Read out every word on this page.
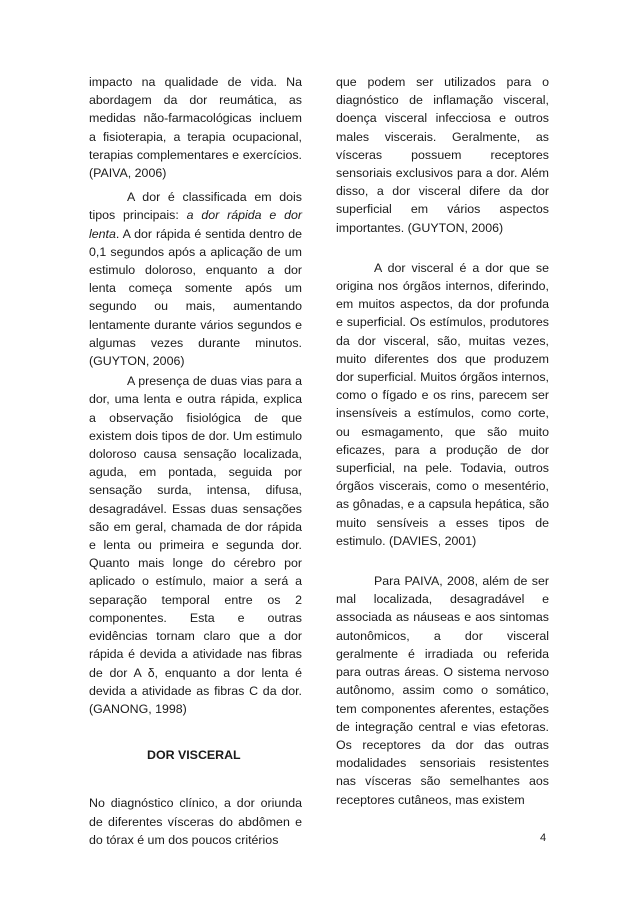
impacto na qualidade de vida. Na abordagem da dor reumática, as medidas não-farmacológicas incluem a fisioterapia, a terapia ocupacional, terapias complementares e exercícios. (PAIVA, 2006)

A dor é classificada em dois tipos principais: a dor rápida e dor lenta. A dor rápida é sentida dentro de 0,1 segundos após a aplicação de um estimulo doloroso, enquanto a dor lenta começa somente após um segundo ou mais, aumentando lentamente durante vários segundos e algumas vezes durante minutos. (GUYTON, 2006)

A presença de duas vias para a dor, uma lenta e outra rápida, explica a observação fisiológica de que existem dois tipos de dor. Um estimulo doloroso causa sensação localizada, aguda, em pontada, seguida por sensação surda, intensa, difusa, desagradável. Essas duas sensações são em geral, chamada de dor rápida e lenta ou primeira e segunda dor. Quanto mais longe do cérebro por aplicado o estímulo, maior a será a separação temporal entre os 2 componentes. Esta e outras evidências tornam claro que a dor rápida é devida a atividade nas fibras de dor A δ, enquanto a dor lenta é devida a atividade as fibras C da dor. (GANONG, 1998)

DOR VISCERAL

No diagnóstico clínico, a dor oriunda de diferentes vísceras do abdômen e do tórax é um dos poucos critérios

que podem ser utilizados para o diagnóstico de inflamação visceral, doença visceral infecciosa e outros males viscerais. Geralmente, as vísceras possuem receptores sensoriais exclusivos para a dor. Além disso, a dor visceral difere da dor superficial em vários aspectos importantes. (GUYTON, 2006)

A dor visceral é a dor que se origina nos órgãos internos, diferindo, em muitos aspectos, da dor profunda e superficial. Os estímulos, produtores da dor visceral, são, muitas vezes, muito diferentes dos que produzem dor superficial. Muitos órgãos internos, como o fígado e os rins, parecem ser insensíveis a estímulos, como corte, ou esmagamento, que são muito eficazes, para a produção de dor superficial, na pele. Todavia, outros órgãos viscerais, como o mesentério, as gônadas, e a capsula hepática, são muito sensíveis a esses tipos de estimulo. (DAVIES, 2001)

Para PAIVA, 2008, além de ser mal localizada, desagradável e associada as náuseas e aos sintomas autonômicos, a dor visceral geralmente é irradiada ou referida para outras áreas. O sistema nervoso autônomo, assim como o somático, tem componentes aferentes, estações de integração central e vias efetoras. Os receptores da dor das outras modalidades sensoriais resistentes nas vísceras são semelhantes aos receptores cutâneos, mas existem

4
